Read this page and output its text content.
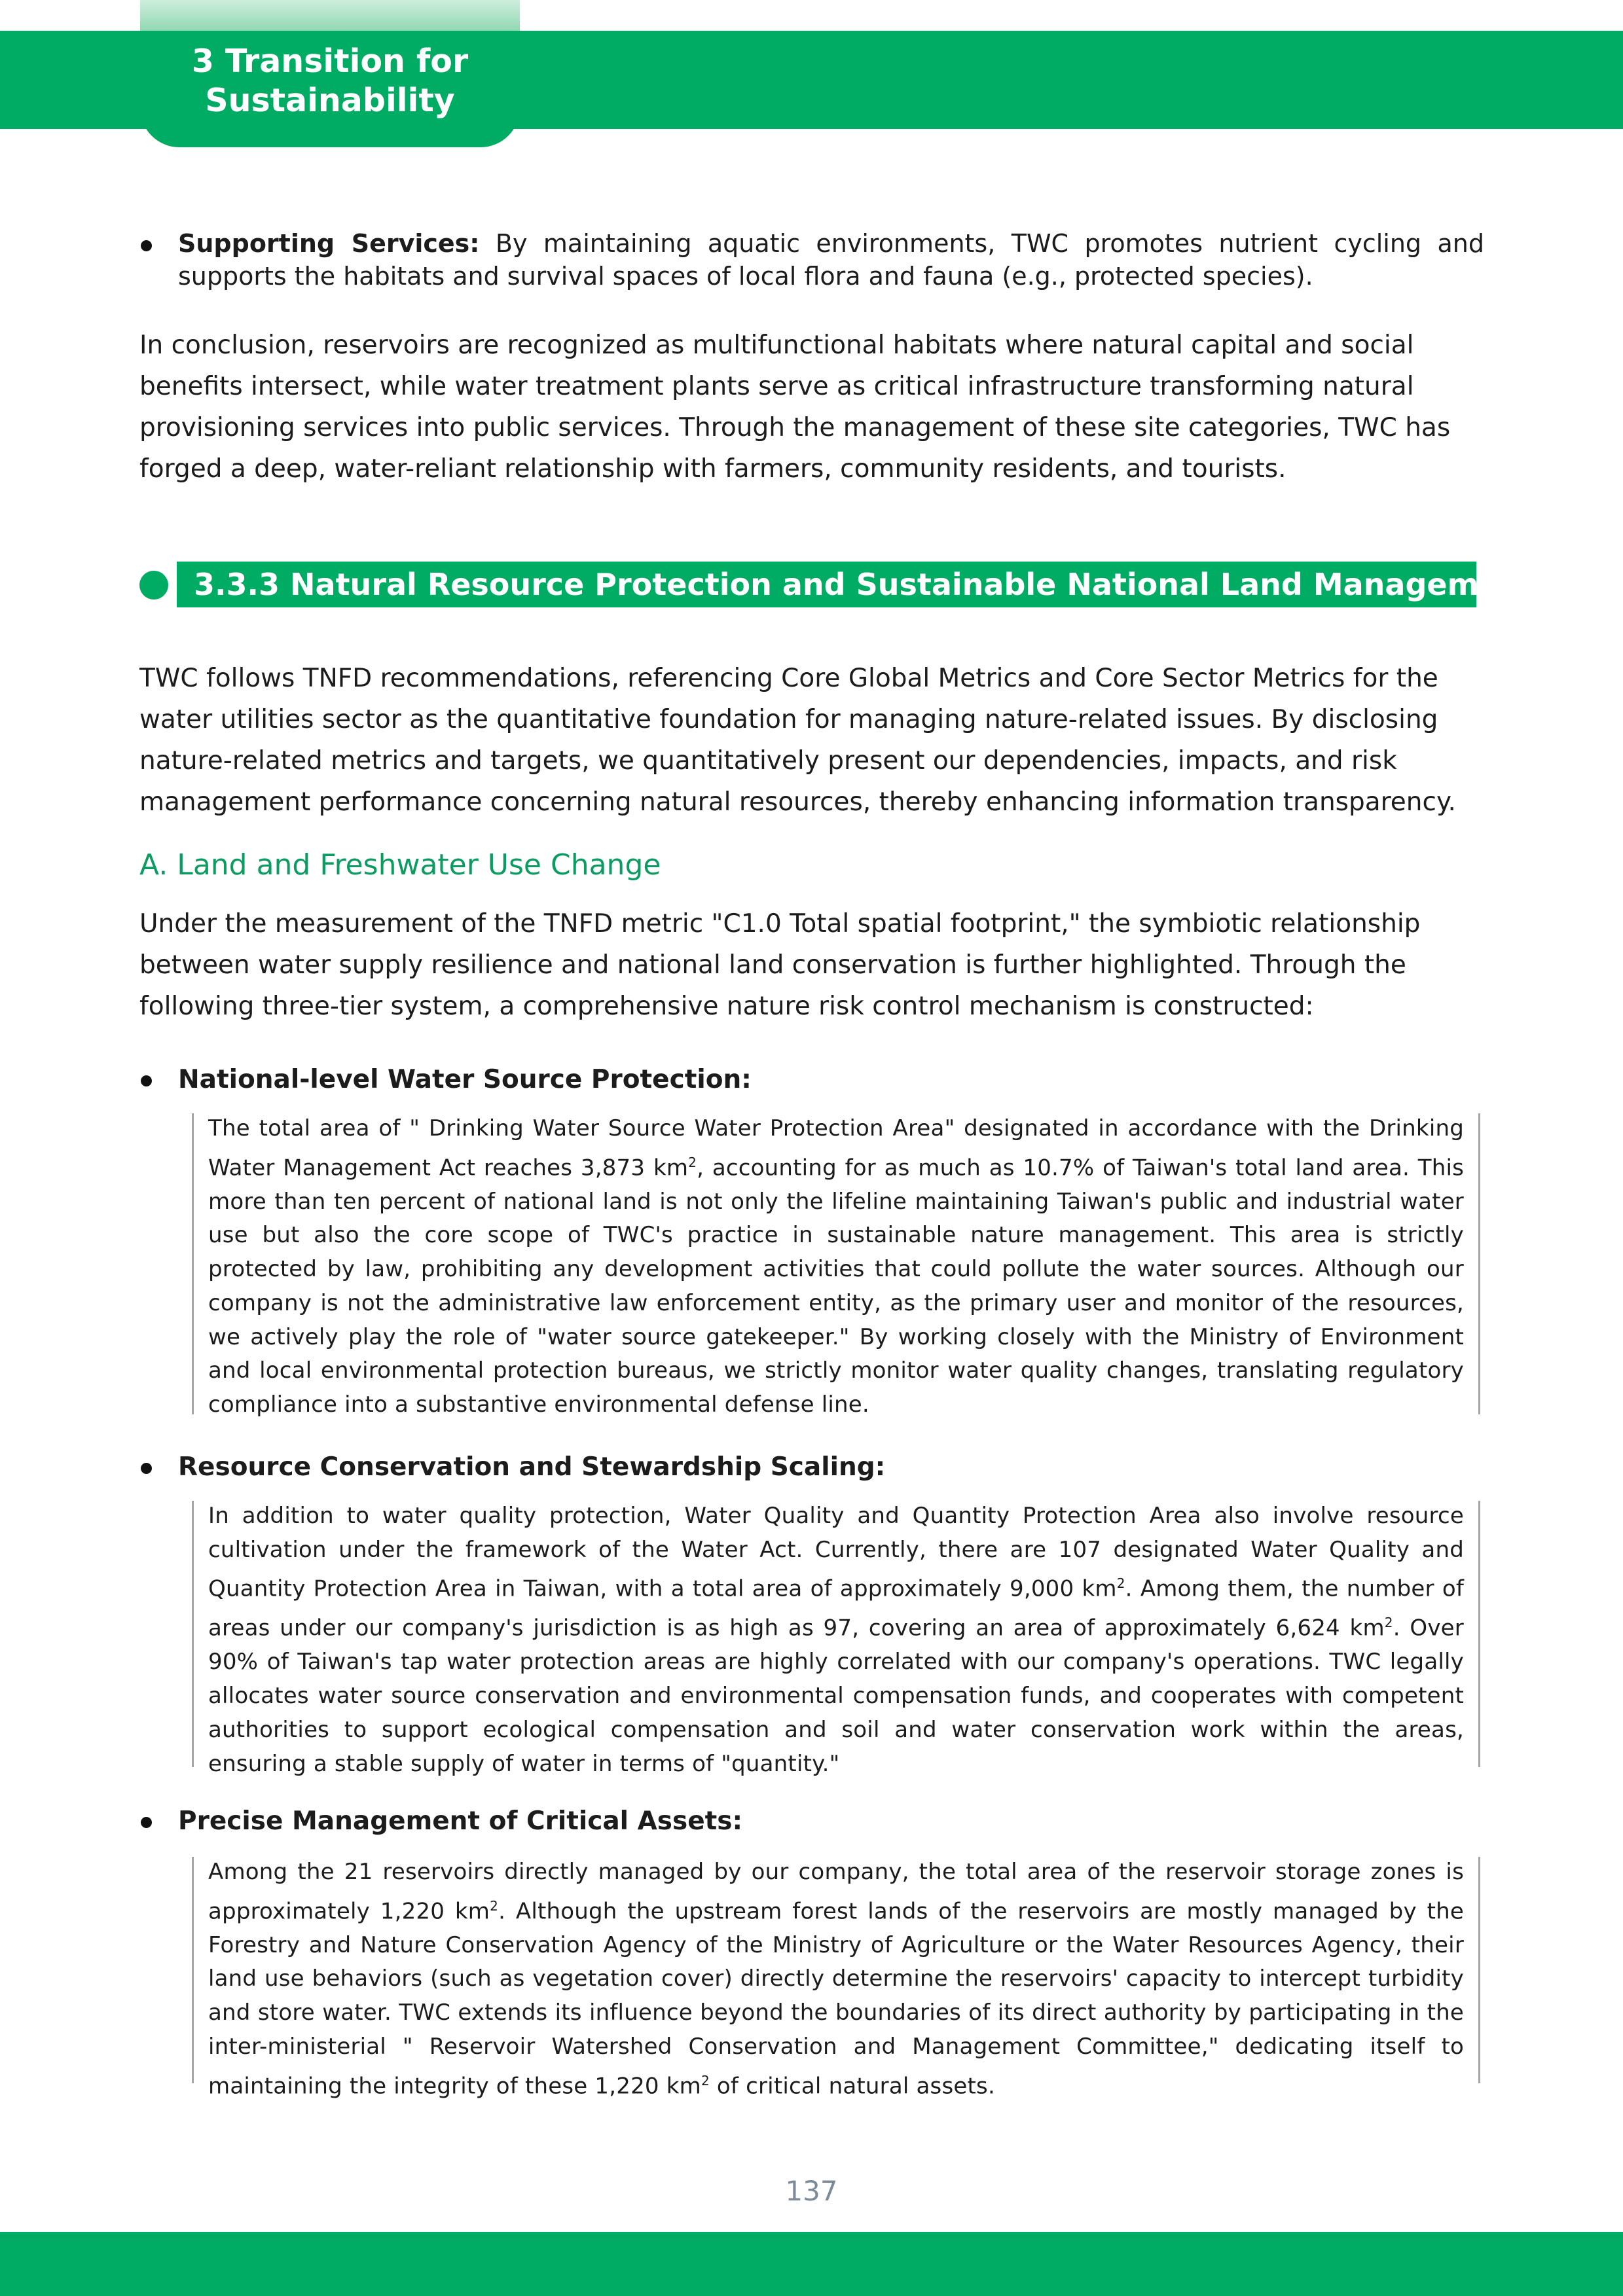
3 Transition for
Sustainability
Supporting Services: By maintaining aquatic environments, TWC promotes nutrient cycling and supports the habitats and survival spaces of local flora and fauna (e.g., protected species).
In conclusion, reservoirs are recognized as multifunctional habitats where natural capital and social benefits intersect, while water treatment plants serve as critical infrastructure transforming natural provisioning services into public services. Through the management of these site categories, TWC has forged a deep, water-reliant relationship with farmers, community residents, and tourists.
3.3.3 Natural Resource Protection and Sustainable National Land Management
TWC follows TNFD recommendations, referencing Core Global Metrics and Core Sector Metrics for the water utilities sector as the quantitative foundation for managing nature-related issues. By disclosing nature-related metrics and targets, we quantitatively present our dependencies, impacts, and risk management performance concerning natural resources, thereby enhancing information transparency.
A. Land and Freshwater Use Change
Under the measurement of the TNFD metric "C1.0 Total spatial footprint," the symbiotic relationship between water supply resilience and national land conservation is further highlighted. Through the following three-tier system, a comprehensive nature risk control mechanism is constructed:
National-level Water Source Protection:

The total area of " Drinking Water Source Water Protection Area" designated in accordance with the Drinking Water Management Act reaches 3,873 $km^2$, accounting for as much as 10.7% of Taiwan's total land area. This more than ten percent of national land is not only the lifeline maintaining Taiwan's public and industrial water use but also the core scope of TWC's practice in sustainable nature management. This area is strictly protected by law, prohibiting any development activities that could pollute the water sources. Although our company is not the administrative law enforcement entity, as the primary user and monitor of the resources, we actively play the role of "water source gatekeeper." By working closely with the Ministry of Environment and local environmental protection bureaus, we strictly monitor water quality changes, translating regulatory compliance into a substantive environmental defense line.

Resource Conservation and Stewardship Scaling:

In addition to water quality protection, Water Quality and Quantity Protection Area also involve resource cultivation under the framework of the Water Act. Currently, there are 107 designated Water Quality and Quantity Protection Area in Taiwan, with a total area of approximately 9,000 $km^2$. Among them, the number of areas under our company's jurisdiction is as high as 97, covering an area of approximately 6,624 $km^2$. Over 90% of Taiwan's tap water protection areas are highly correlated with our company's operations. TWC legally allocates water source conservation and environmental compensation funds, and cooperates with competent authorities to support ecological compensation and soil and water conservation work within the areas, ensuring a stable supply of water in terms of "quantity."

Precise Management of Critical Assets:

Among the 21 reservoirs directly managed by our company, the total area of the reservoir storage zones is approximately 1,220 $km^2$. Although the upstream forest lands of the reservoirs are mostly managed by the Forestry and Nature Conservation Agency of the Ministry of Agriculture or the Water Resources Agency, their land use behaviors (such as vegetation cover) directly determine the reservoirs' capacity to intercept turbidity and store water. TWC extends its influence beyond the boundaries of its direct authority by participating in the inter-ministerial " Reservoir Watershed Conservation and Management Committee," dedicating itself to maintaining the integrity of these 1,220 $km^2$ of critical natural assets.

137
